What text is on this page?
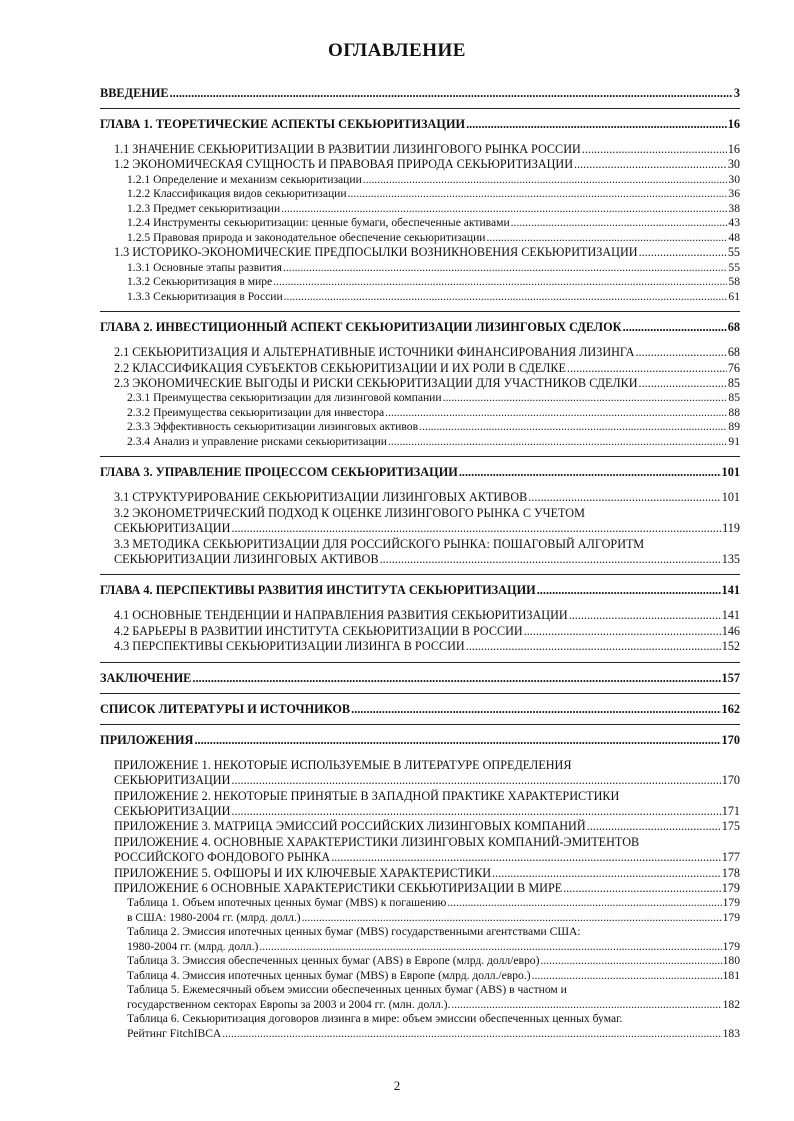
ОГЛАВЛЕНИЕ
ВВЕДЕНИЕ .....	3
ГЛАВА 1. ТЕОРЕТИЧЕСКИЕ АСПЕКТЫ СЕКЬЮРИТИЗАЦИИ .....	16
1.1 ЗНАЧЕНИЕ СЕКЬЮРИТИЗАЦИИ В РАЗВИТИИ ЛИЗИНГОВОГО РЫНКА РОССИИ .....	16
1.2 ЭКОНОМИЧЕСКАЯ СУЩНОСТЬ И ПРАВОВАЯ ПРИРОДА СЕКЬЮРИТИЗАЦИИ .....	30
1.2.1 Определение и механизм секьюритизации .....	30
1.2.2 Классификация видов секьюритизации .....	36
1.2.3 Предмет секьюритизации .....	38
1.2.4 Инструменты секьюритизации: ценные бумаги, обеспеченные активами .....	43
1.2.5 Правовая природа и законодательное обеспечение секьюритизации .....	48
1.3 ИСТОРИКО-ЭКОНОМИЧЕСКИЕ ПРЕДПОСЫЛКИ ВОЗНИКНОВЕНИЯ СЕКЬЮРИТИЗАЦИИ .....	55
1.3.1 Основные этапы развития .....	55
1.3.2 Секьюритизация в мире .....	58
1.3.3 Секьюритизация в России .....	61
ГЛАВА 2. ИНВЕСТИЦИОННЫЙ АСПЕКТ СЕКЬЮРИТИЗАЦИИ ЛИЗИНГОВЫХ СДЕЛОК .....	68
2.1 СЕКЬЮРИТИЗАЦИЯ И АЛЬТЕРНАТИВНЫЕ ИСТОЧНИКИ ФИНАНСИРОВАНИЯ ЛИЗИНГА .....	68
2.2 КЛАССИФИКАЦИЯ СУБЪЕКТОВ СЕКЬЮРИТИЗАЦИИ И ИХ РОЛИ В СДЕЛКЕ .....	76
2.3 ЭКОНОМИЧЕСКИЕ ВЫГОДЫ И РИСКИ СЕКЬЮРИТИЗАЦИИ ДЛЯ УЧАСТНИКОВ СДЕЛКИ .....	85
2.3.1 Преимущества секьюритизации для лизинговой компании .....	85
2.3.2 Преимущества секьюритизации для инвестора .....	88
2.3.3 Эффективность секьюритизации лизинговых активов .....	89
2.3.4 Анализ и управление рисками секьюритизации .....	91
ГЛАВА 3. УПРАВЛЕНИЕ ПРОЦЕССОМ СЕКЬЮРИТИЗАЦИИ .....	101
3.1 СТРУКТУРИРОВАНИЕ СЕКЬЮРИТИЗАЦИИ ЛИЗИНГОВЫХ АКТИВОВ .....	101
3.2 ЭКОНОМЕТРИЧЕСКИЙ ПОДХОД К ОЦЕНКЕ ЛИЗИНГОВОГО РЫНКА С УЧЕТОМ
СЕКЬЮРИТИЗАЦИИ .....	119
3.3 МЕТОДИКА СЕКЬЮРИТИЗАЦИИ ДЛЯ РОССИЙСКОГО РЫНКА: ПОШАГОВЫЙ АЛГОРИТМ
СЕКЬЮРИТИЗАЦИИ ЛИЗИНГОВЫХ АКТИВОВ .....	135
ГЛАВА 4. ПЕРСПЕКТИВЫ РАЗВИТИЯ ИНСТИТУТА СЕКЬЮРИТИЗАЦИИ .....	141
4.1 ОСНОВНЫЕ ТЕНДЕНЦИИ И НАПРАВЛЕНИЯ РАЗВИТИЯ СЕКЬЮРИТИЗАЦИИ .....	141
4.2 БАРЬЕРЫ В РАЗВИТИИ ИНСТИТУТА СЕКЬЮРИТИЗАЦИИ В РОССИИ .....	146
4.3 ПЕРСПЕКТИВЫ СЕКЬЮРИТИЗАЦИИ ЛИЗИНГА В РОССИИ .....	152
ЗАКЛЮЧЕНИЕ .....	157
СПИСОК ЛИТЕРАТУРЫ И ИСТОЧНИКОВ .....	162
ПРИЛОЖЕНИЯ .....	170
ПРИЛОЖЕНИЕ 1. НЕКОТОРЫЕ ИСПОЛЬЗУЕМЫЕ В ЛИТЕРАТУРЕ ОПРЕДЕЛЕНИЯ
СЕКЬЮРИТИЗАЦИИ .....	170
ПРИЛОЖЕНИЕ 2. НЕКОТОРЫЕ ПРИНЯТЫЕ В ЗАПАДНОЙ ПРАКТИКЕ ХАРАКТЕРИСТИКИ
СЕКЬЮРИТИЗАЦИИ .....	171
ПРИЛОЖЕНИЕ 3. МАТРИЦА ЭМИССИЙ РОССИЙСКИХ ЛИЗИНГОВЫХ КОМПАНИЙ .....	175
ПРИЛОЖЕНИЕ 4. ОСНОВНЫЕ ХАРАКТЕРИСТИКИ ЛИЗИНГОВЫХ КОМПАНИЙ-ЭМИТЕНТОВ
РОССИЙСКОГО ФОНДОВОГО РЫНКА .....	177
ПРИЛОЖЕНИЕ 5. ОФШОРЫ И ИХ КЛЮЧЕВЫЕ ХАРАКТЕРИСТИКИ .....	178
ПРИЛОЖЕНИЕ 6 ОСНОВНЫЕ ХАРАКТЕРИСТИКИ СЕКЬЮТИРИЗАЦИИ В МИРЕ .....	179
Таблица 1. Объем ипотечных ценных бумаг (MBS) к погашению .....	179
в США: 1980-2004 гг. (млрд. долл.) .....	179
Таблица 2. Эмиссия ипотечных ценных бумаг (MBS) государственными агентствами США:
1980-2004 гг. (млрд. долл.) .....	179
Таблица 3. Эмиссия обеспеченных ценных бумаг (ABS) в Европе (млрд. долл/евро) .....	180
Таблица 4. Эмиссия ипотечных ценных бумаг (MBS) в Европе (млрд. долл./евро.) .....	181
Таблица 5. Ежемесячный объем эмиссии обеспеченных ценных бумаг (ABS) в частном и
государственном секторах Европы за 2003 и 2004 гг. (млн. долл.). .....	182
Таблица 6. Секьюритизация договоров лизинга в мире: объем эмиссии обеспеченных ценных бумаг.
Рейтинг FitchIBCA .....	183
2
